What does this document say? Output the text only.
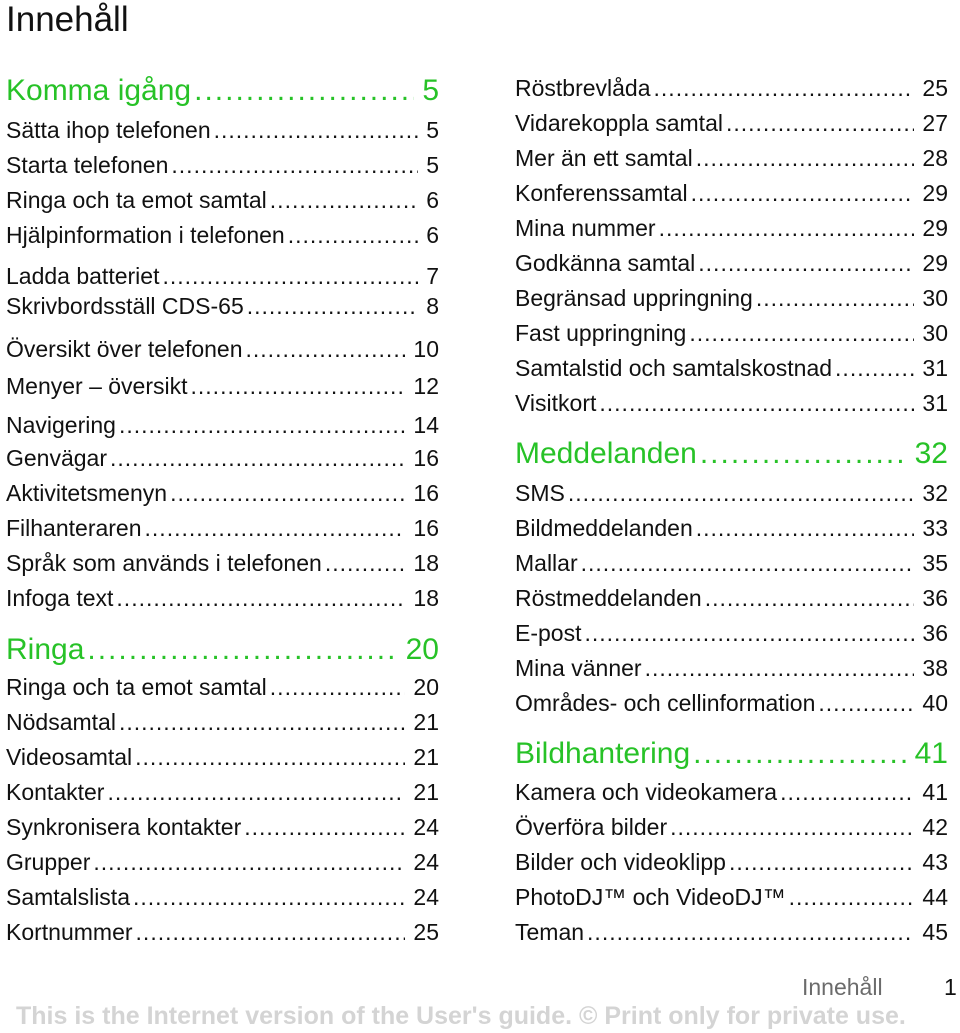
Innehåll
Komma igång .....	5
Sätta ihop telefonen .....	5
Starta telefonen .....	5
Ringa och ta emot samtal .....	6
Hjälpinformation i telefonen .....	6
Ladda batteriet .....	7
Skrivbordsställ CDS-65 .....	8
Översikt över telefonen .....	10
Menyer – översikt .....	12
Navigering .....	14
Genvägar .....	16
Aktivitetsmenyn .....	16
Filhanteraren .....	16
Språk som används i telefonen .....	18
Infoga text .....	18
Ringa .....	20
Ringa och ta emot samtal .....	20
Nödsamtal .....	21
Videosamtal .....	21
Kontakter .....	21
Synkronisera kontakter .....	24
Grupper .....	24
Samtalslista .....	24
Kortnummer .....	25
Röstbrevlåda .....	25
Vidarekoppla samtal .....	27
Mer än ett samtal .....	28
Konferenssamtal .....	29
Mina nummer .....	29
Godkänna samtal .....	29
Begränsad uppringning .....	30
Fast uppringning .....	30
Samtalstid och samtalskostnad .....	31
Visitkort .....	31
Meddelanden .....	32
SMS .....	32
Bildmeddelanden .....	33
Mallar .....	35
Röstmeddelanden .....	36
E-post .....	36
Mina vänner .....	38
Områdes- och cellinformation .....	40
Bildhantering .....	41
Kamera och videokamera .....	41
Överföra bilder .....	42
Bilder och videoklipp .....	43
PhotoDJ™ och VideoDJ™ .....	44
Teman .....	45
Innehåll	1
This is the Internet version of the User's guide. © Print only for private use.
